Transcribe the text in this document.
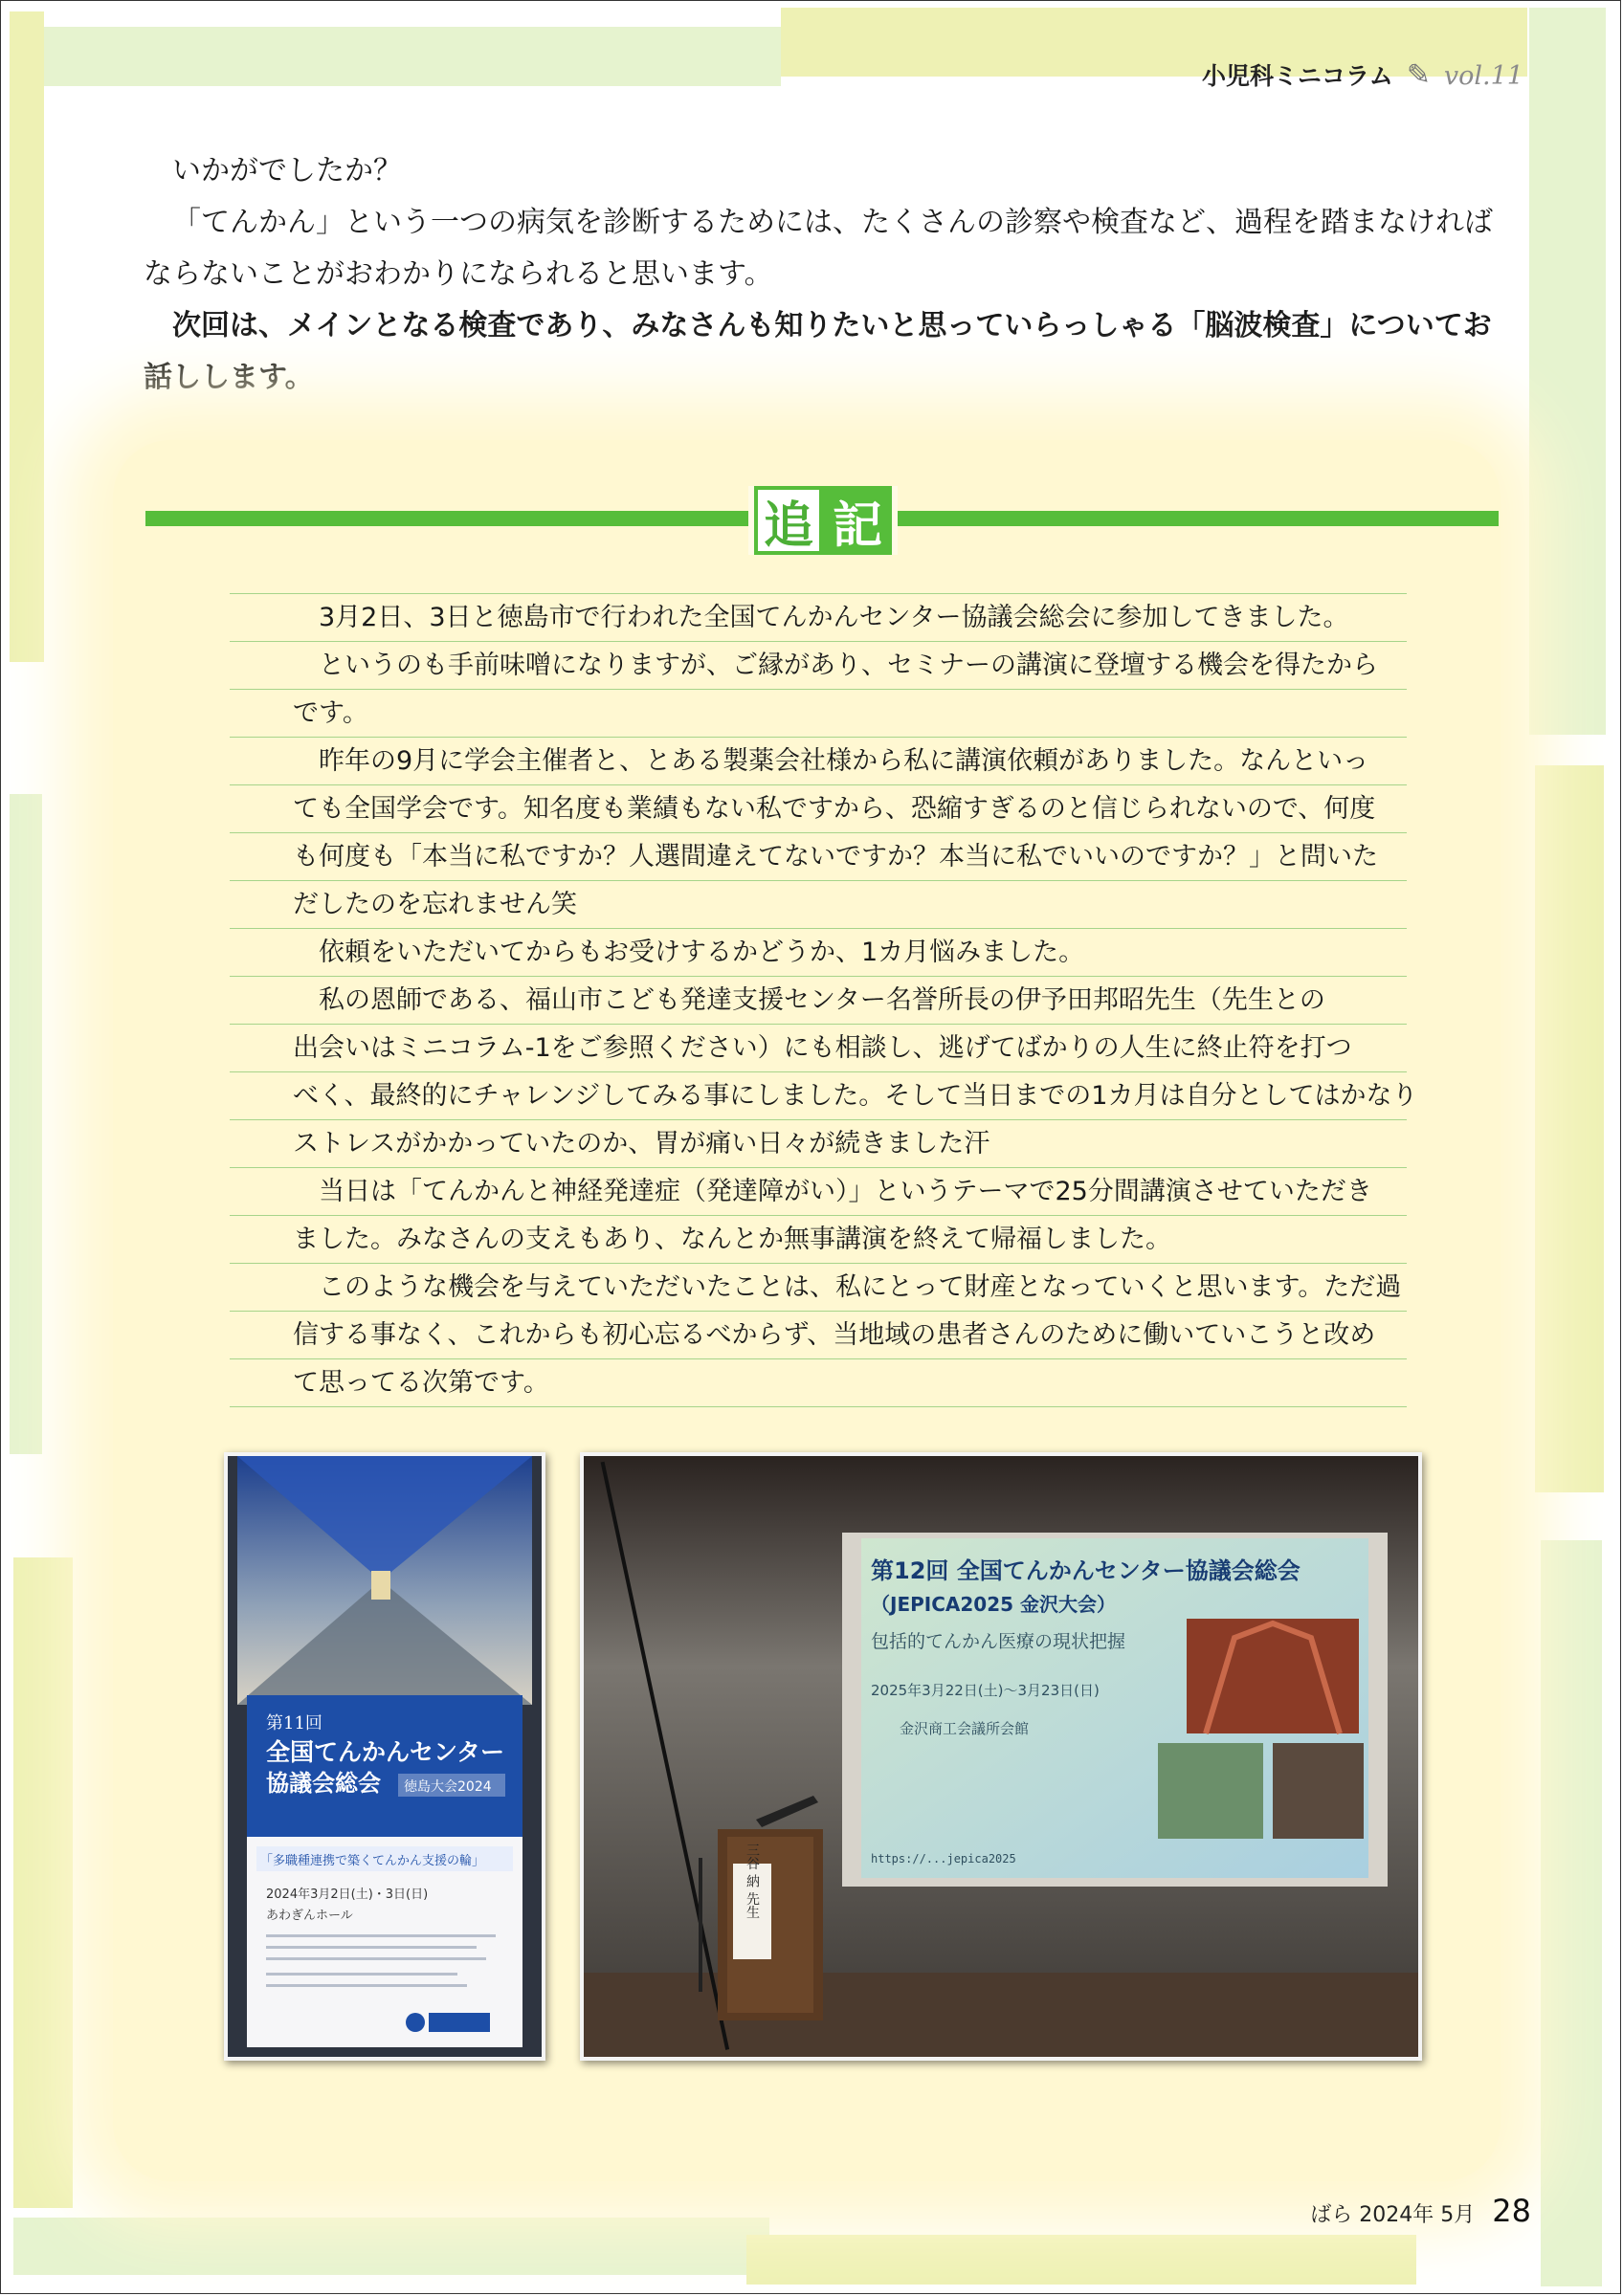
小児科ミニコラム ✎ vol.11

いかがでしたか？

「てんかん」という一つの病気を診断するためには、たくさんの診察や検査など、過程を踏まなければならないことがおわかりになられると思います。

次回は、メインとなる検査であり、みなさんも知りたいと思っていらっしゃる「脳波検査」についてお話しします。

追 記
3月2日、3日と徳島市で行われた全国てんかんセンター協議会総会に参加してきました。
というのも手前味噌になりますが、ご縁があり、セミナーの講演に登壇する機会を得たから
です。
昨年の9月に学会主催者と、とある製薬会社様から私に講演依頼がありました。なんといっ
ても全国学会です。知名度も業績もない私ですから、恐縮すぎるのと信じられないので、何度
も何度も「本当に私ですか？人選間違えてないですか？本当に私でいいのですか？」と問いた
だしたのを忘れません笑
依頼をいただいてからもお受けするかどうか、1カ月悩みました。
私の恩師である、福山市こども発達支援センター名誉所長の伊予田邦昭先生（先生との
出会いはミニコラム-1をご参照ください）にも相談し、逃げてばかりの人生に終止符を打つ
べく、最終的にチャレンジしてみる事にしました。そして当日までの1カ月は自分としてはかなり
ストレスがかかっていたのか、胃が痛い日々が続きました汗
当日は「てんかんと神経発達症（発達障がい）」というテーマで25分間講演させていただき
ました。みなさんの支えもあり、なんとか無事講演を終えて帰福しました。
このような機会を与えていただいたことは、私にとって財産となっていくと思います。ただ過
信する事なく、これからも初心忘るべからず、当地域の患者さんのために働いていこうと改め
て思ってる次第です。
第11回
全国てんかんセンター
協議会総会 徳島大会2024
「多職種連携で築くてんかん支援の輪」
2024年3月2日(土)・3日(日)
あわぎんホール
第12回 全国てんかんセンター協議会総会
（JEPICA2025 金沢大会）
包括的てんかん医療の現状把握
2025年3月22日(土)～3月23日(日)
金沢商工会議所会館
https://...jepica2025
三谷 納 先生
ばら 2024年 5月 28
